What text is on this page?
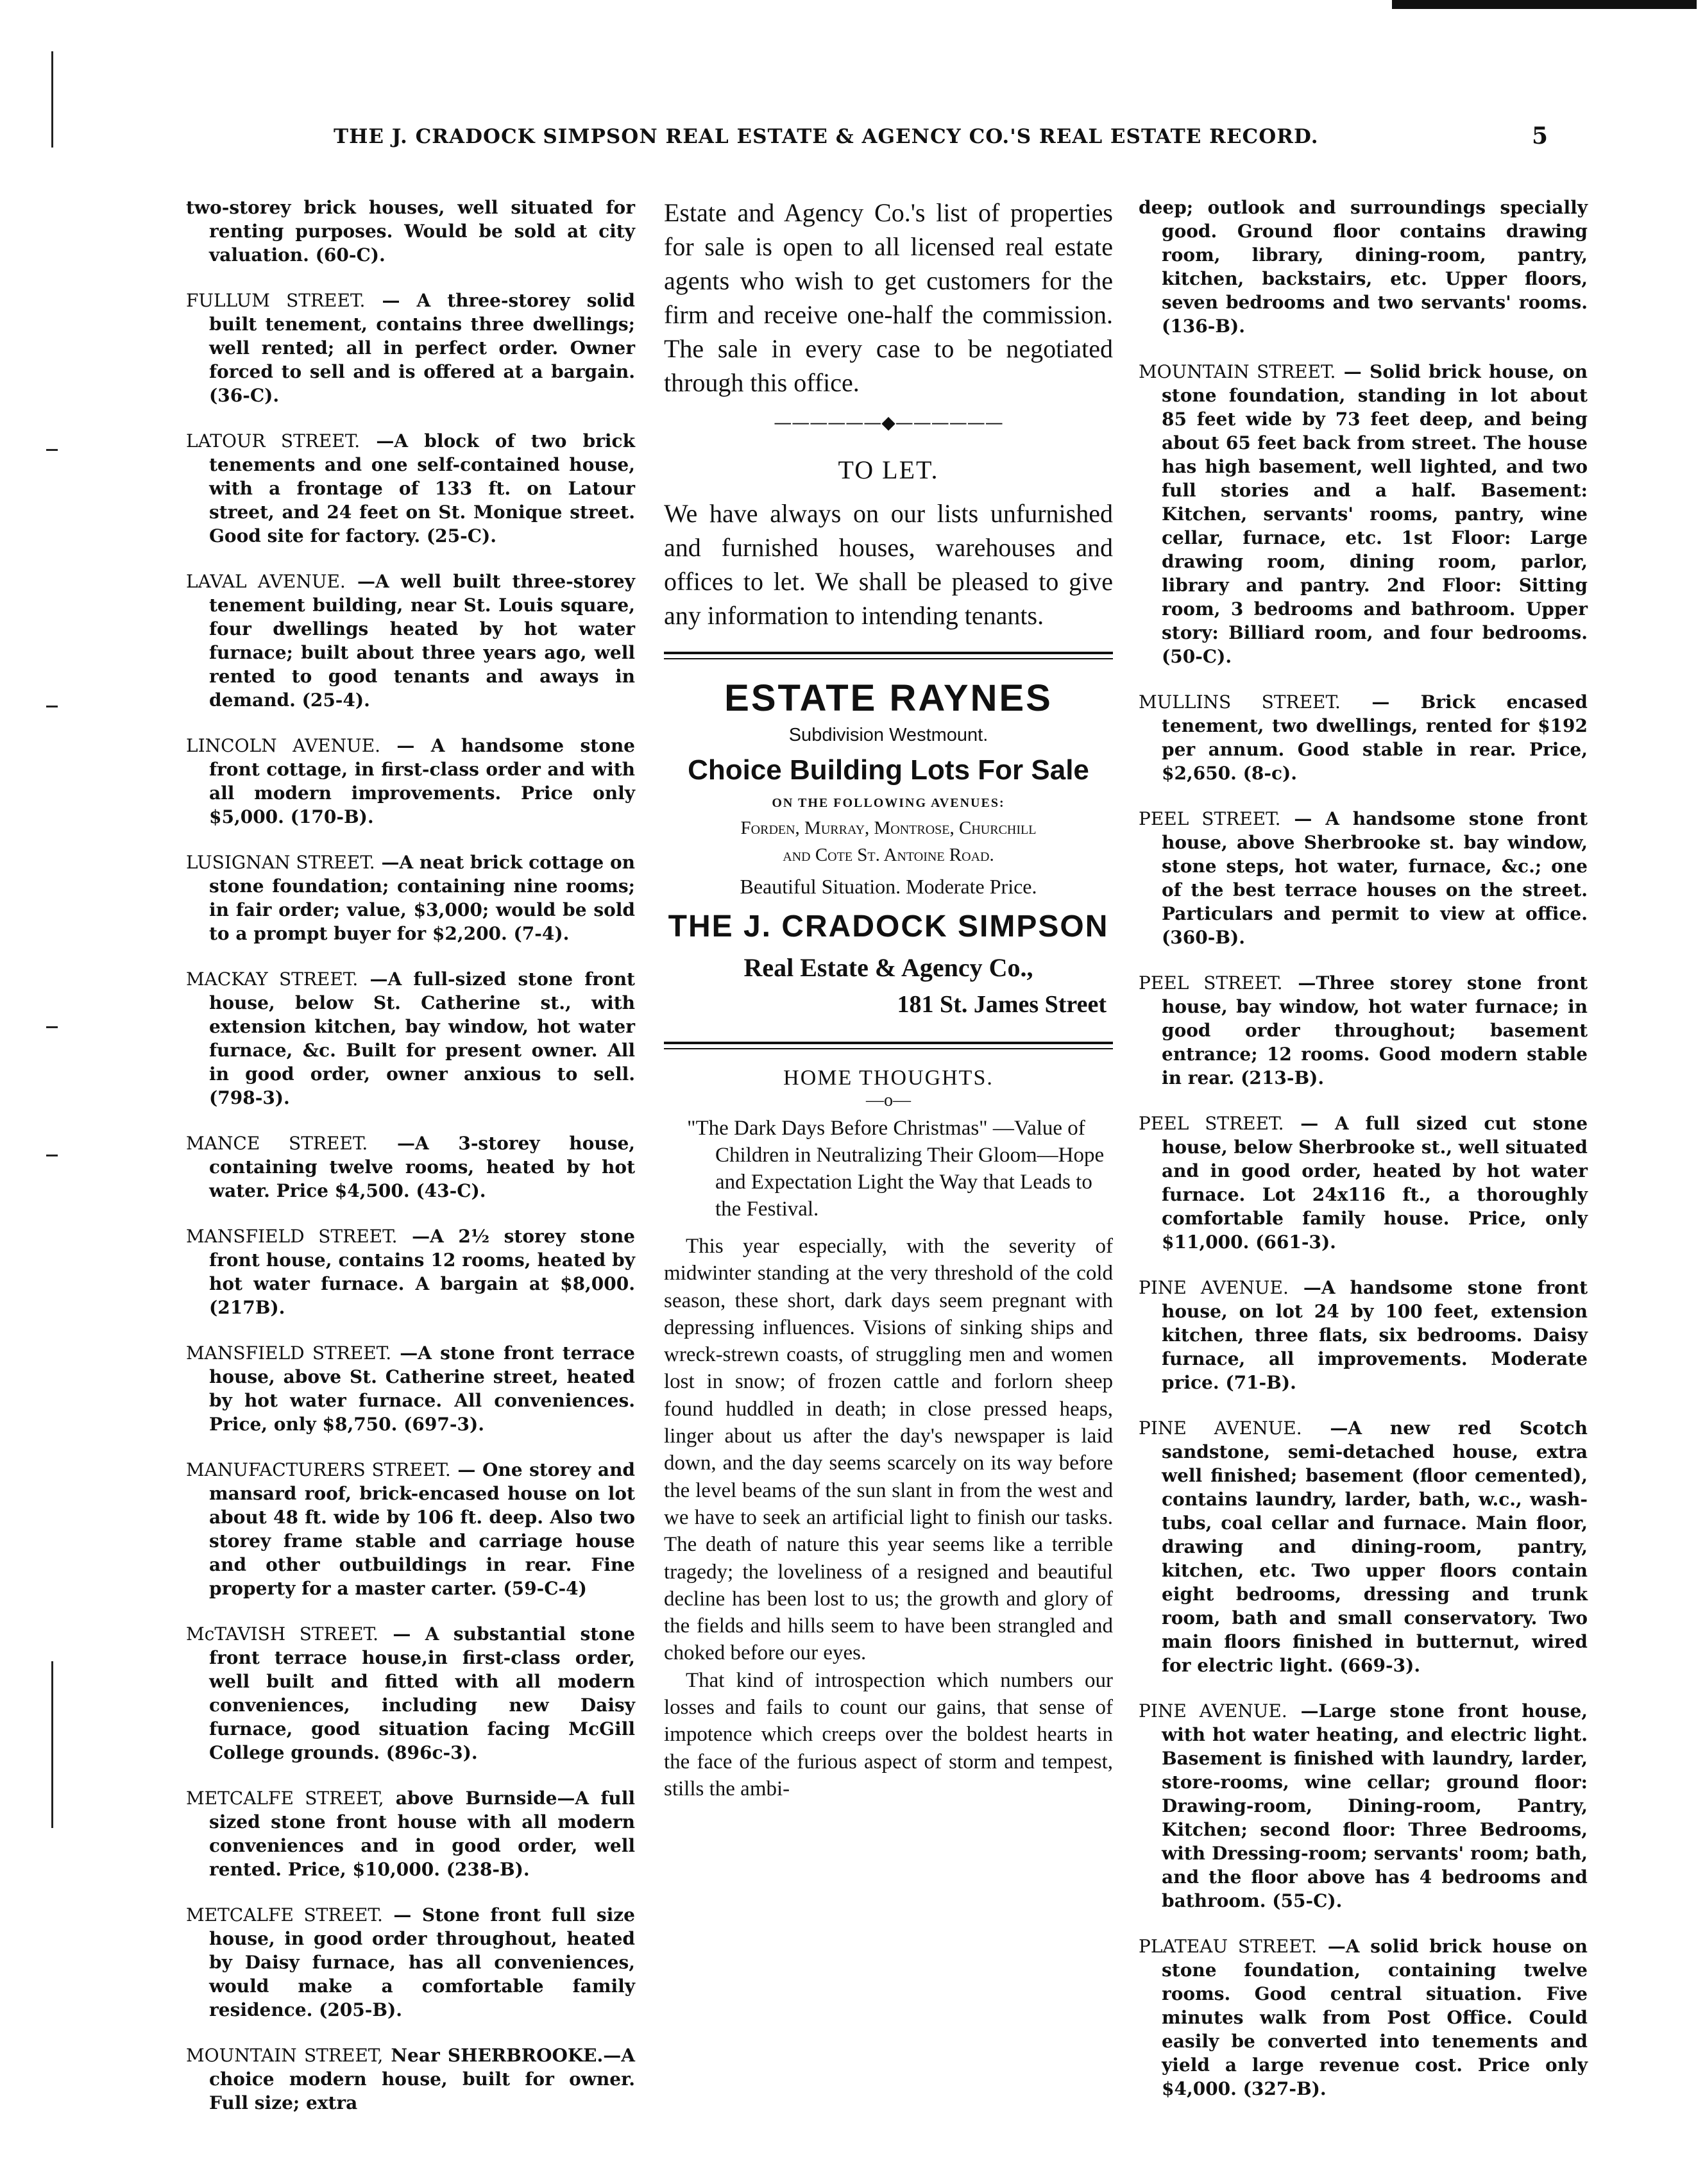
THE J. CRADOCK SIMPSON REAL ESTATE & AGENCY CO.'S REAL ESTATE RECORD.	5

two-storey brick houses, well situated for renting purposes. Would be sold at city valuation. (60-C).

FULLUM STREET. — A three-storey solid built tenement, contains three dwellings; well rented; all in perfect order. Owner forced to sell and is offered at a bargain. (36-C).

LATOUR STREET. —A block of two brick tenements and one self-contained house, with a frontage of 133 ft. on Latour street, and 24 feet on St. Monique street. Good site for factory. (25-C).

LAVAL AVENUE. —A well built three-storey tenement building, near St. Louis square, four dwellings heated by hot water furnace; built about three years ago, well rented to good tenants and aways in demand. (25-4).

LINCOLN AVENUE. — A handsome stone front cottage, in first-class order and with all modern improvements. Price only $5,000. (170-B).

LUSIGNAN STREET. —A neat brick cottage on stone foundation; containing nine rooms; in fair order; value, $3,000; would be sold to a prompt buyer for $2,200. (7-4).

MACKAY STREET. —A full-sized stone front house, below St. Catherine st., with extension kitchen, bay window, hot water furnace, &c. Built for present owner. All in good order, owner anxious to sell. (798-3).

MANCE STREET. —A 3-storey house, containing twelve rooms, heated by hot water. Price $4,500. (43-C).

MANSFIELD STREET. —A 2½ storey stone front house, contains 12 rooms, heated by hot water furnace. A bargain at $8,000. (217B).

MANSFIELD STREET. —A stone front terrace house, above St. Catherine street, heated by hot water furnace. All conveniences. Price, only $8,750. (697-3).

MANUFACTURERS STREET. — One storey and mansard roof, brick-encased house on lot about 48 ft. wide by 106 ft. deep. Also two storey frame stable and carriage house and other outbuildings in rear. Fine property for a master carter. (59-C-4)

McTAVISH STREET. — A substantial stone front terrace house,in first-class order, well built and fitted with all modern conveniences, including new Daisy furnace, good situation facing McGill College grounds. (896c-3).

METCALFE STREET, above Burnside—A full sized stone front house with all modern conveniences and in good order, well rented. Price, $10,000. (238-B).

METCALFE STREET. — Stone front full size house, in good order throughout, heated by Daisy furnace, has all conveniences, would make a comfortable family residence. (205-B).

MOUNTAIN STREET, Near SHERBROOKE.—A choice modern house, built for owner. Full size; extra

Estate and Agency Co.'s list of properties for sale is open to all licensed real estate agents who wish to get customers for the firm and receive one-half the commission. The sale in every case to be negotiated through this office.

——————◆——————
TO LET.

We have always on our lists unfurnished and furnished houses, warehouses and offices to let. We shall be pleased to give any information to intending tenants.

ESTATE RAYNES
Subdivision Westmount.
Choice Building Lots For Sale
ON THE FOLLOWING AVENUES:
Forden, Murray, Montrose, Churchill
and Cote St. Antoine Road.
Beautiful Situation. Moderate Price.
THE J. CRADOCK SIMPSON
Real Estate & Agency Co.,
181 St. James Street
HOME THOUGHTS.
—o—

"The Dark Days Before Christmas" —Value of Children in Neutralizing Their Gloom—Hope and Expectation Light the Way that Leads to the Festival.

This year especially, with the severity of midwinter standing at the very threshold of the cold season, these short, dark days seem pregnant with depressing influences. Visions of sinking ships and wreck-strewn coasts, of struggling men and women lost in snow; of frozen cattle and forlorn sheep found huddled in death; in close pressed heaps, linger about us after the day's newspaper is laid down, and the day seems scarcely on its way before the level beams of the sun slant in from the west and we have to seek an artificial light to finish our tasks. The death of nature this year seems like a terrible tragedy; the loveliness of a resigned and beautiful decline has been lost to us; the growth and glory of the fields and hills seem to have been strangled and choked before our eyes.

That kind of introspection which numbers our losses and fails to count our gains, that sense of impotence which creeps over the boldest hearts in the face of the furious aspect of storm and tempest, stills the ambi-

deep; outlook and surroundings specially good. Ground floor contains drawing room, library, dining-room, pantry, kitchen, backstairs, etc. Upper floors, seven bedrooms and two servants' rooms. (136-B).

MOUNTAIN STREET. — Solid brick house, on stone foundation, standing in lot about 85 feet wide by 73 feet deep, and being about 65 feet back from street. The house has high basement, well lighted, and two full stories and a half. Basement: Kitchen, servants' rooms, pantry, wine cellar, furnace, etc. 1st Floor: Large drawing room, dining room, parlor, library and pantry. 2nd Floor: Sitting room, 3 bedrooms and bathroom. Upper story: Billiard room, and four bedrooms. (50-C).

MULLINS STREET. — Brick encased tenement, two dwellings, rented for $192 per annum. Good stable in rear. Price, $2,650. (8-c).

PEEL STREET. — A handsome stone front house, above Sherbrooke st. bay window, stone steps, hot water, furnace, &c.; one of the best terrace houses on the street. Particulars and permit to view at office. (360-B).

PEEL STREET. —Three storey stone front house, bay window, hot water furnace; in good order throughout; basement entrance; 12 rooms. Good modern stable in rear. (213-B).

PEEL STREET. — A full sized cut stone house, below Sherbrooke st., well situated and in good order, heated by hot water furnace. Lot 24x116 ft., a thoroughly comfortable family house. Price, only $11,000. (661-3).

PINE AVENUE. —A handsome stone front house, on lot 24 by 100 feet, extension kitchen, three flats, six bedrooms. Daisy furnace, all improvements. Moderate price. (71-B).

PINE AVENUE. —A new red Scotch sandstone, semi-detached house, extra well finished; basement (floor cemented), contains laundry, larder, bath, w.c., wash-tubs, coal cellar and furnace. Main floor, drawing and dining-room, pantry, kitchen, etc. Two upper floors contain eight bedrooms, dressing and trunk room, bath and small conservatory. Two main floors finished in butternut, wired for electric light. (669-3).

PINE AVENUE. —Large stone front house, with hot water heating, and electric light. Basement is finished with laundry, larder, store-rooms, wine cellar; ground floor: Drawing-room, Dining-room, Pantry, Kitchen; second floor: Three Bedrooms, with Dressing-room; servants' room; bath, and the floor above has 4 bedrooms and bathroom. (55-C).

PLATEAU STREET. —A solid brick house on stone foundation, containing twelve rooms. Good central situation. Five minutes walk from Post Office. Could easily be converted into tenements and yield a large revenue cost. Price only $4,000. (327-B).
